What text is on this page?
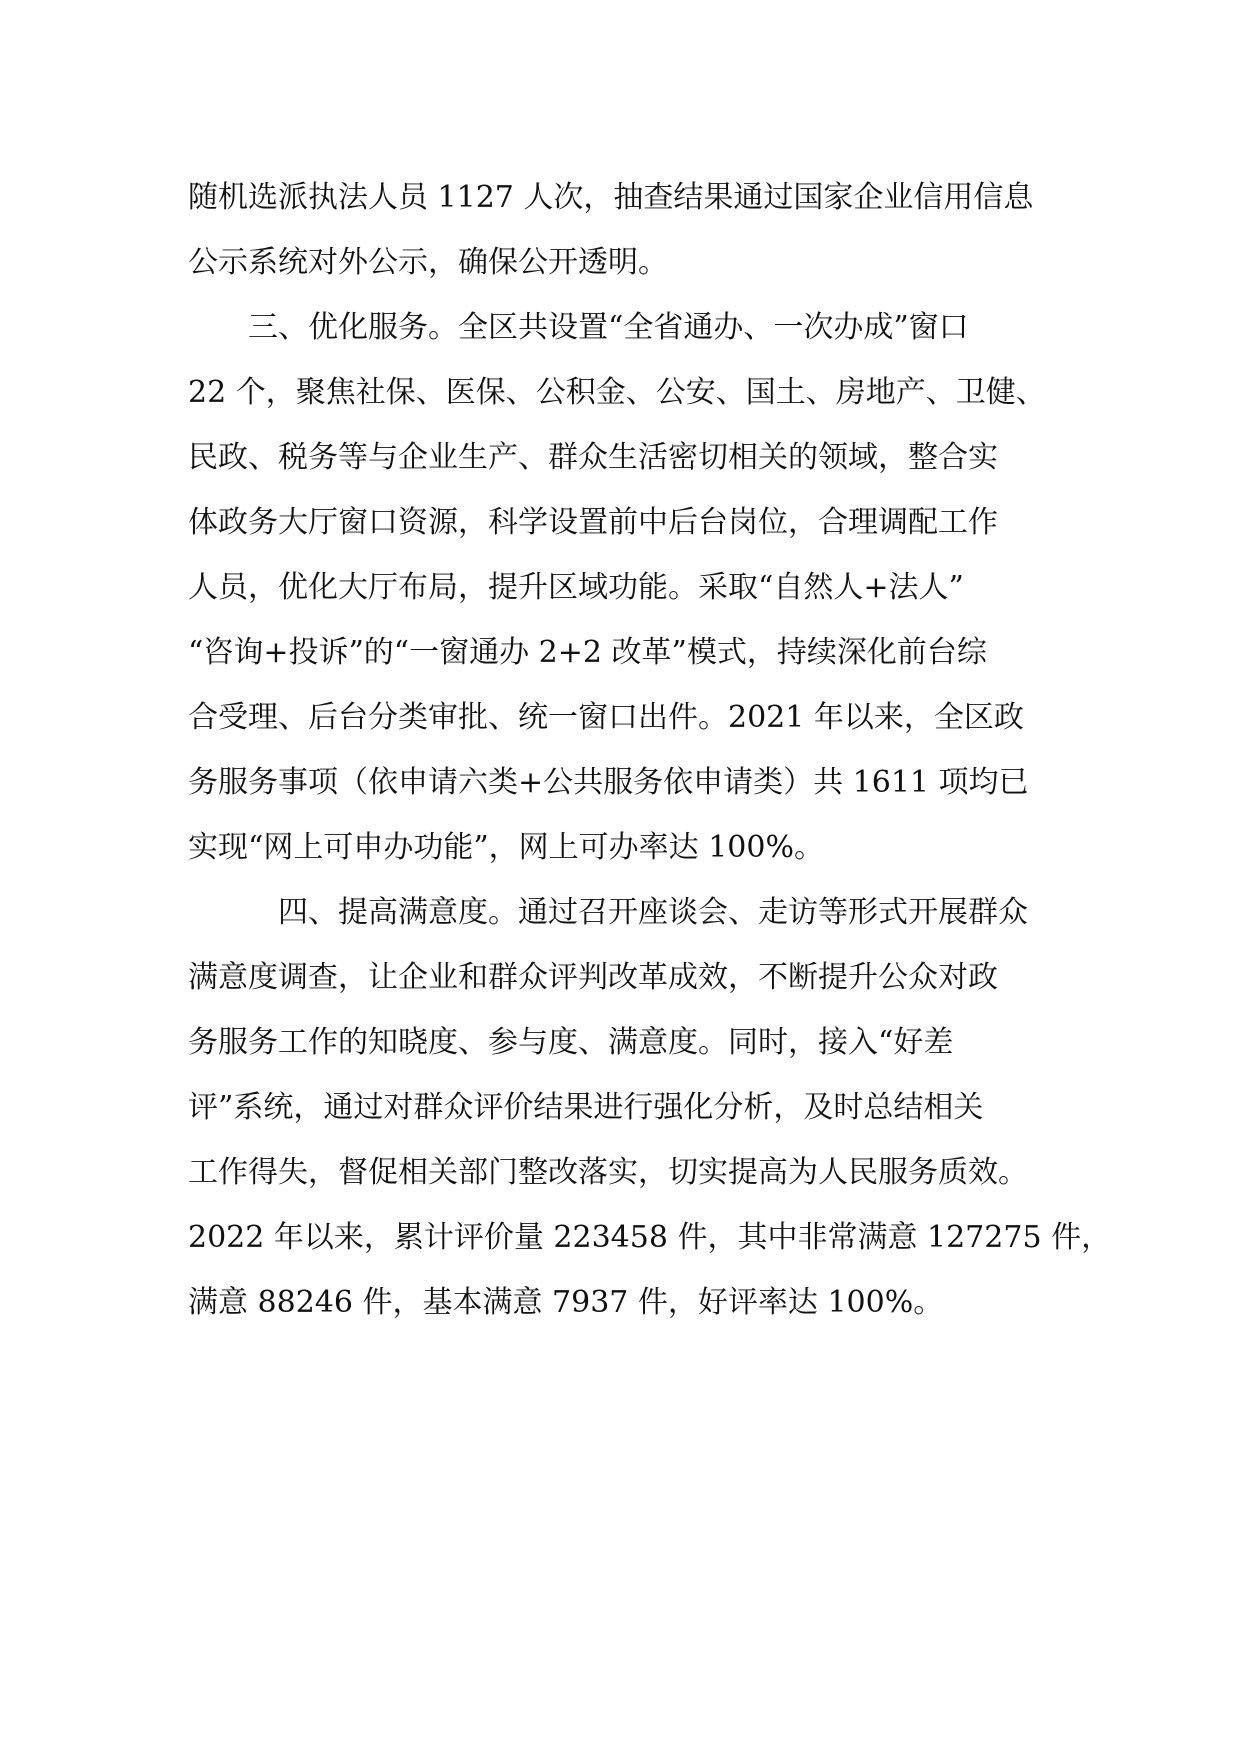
随机选派执法人员 1127 人次，抽查结果通过国家企业信用信息
公示系统对外公示，确保公开透明。
　　三、优化服务。全区共设置“全省通办、一次办成”窗口
22 个，聚焦社保、医保、公积金、公安、国土、房地产、卫健、
民政、税务等与企业生产、群众生活密切相关的领域，整合实
体政务大厅窗口资源，科学设置前中后台岗位，合理调配工作
人员，优化大厅布局，提升区域功能。采取“自然人+法人”
“咨询+投诉”的“一窗通办 2+2 改革”模式，持续深化前台综
合受理、后台分类审批、统一窗口出件。2021 年以来，全区政
务服务事项（依申请六类+公共服务依申请类）共 1611 项均已
实现“网上可申办功能”，网上可办率达 100%。
　　　四、提高满意度。通过召开座谈会、走访等形式开展群众
满意度调查，让企业和群众评判改革成效，不断提升公众对政
务服务工作的知晓度、参与度、满意度。同时，接入“好差
评”系统，通过对群众评价结果进行强化分析，及时总结相关
工作得失，督促相关部门整改落实，切实提高为人民服务质效。
2022 年以来，累计评价量 223458 件，其中非常满意 127275 件，
满意 88246 件，基本满意 7937 件，好评率达 100%。
